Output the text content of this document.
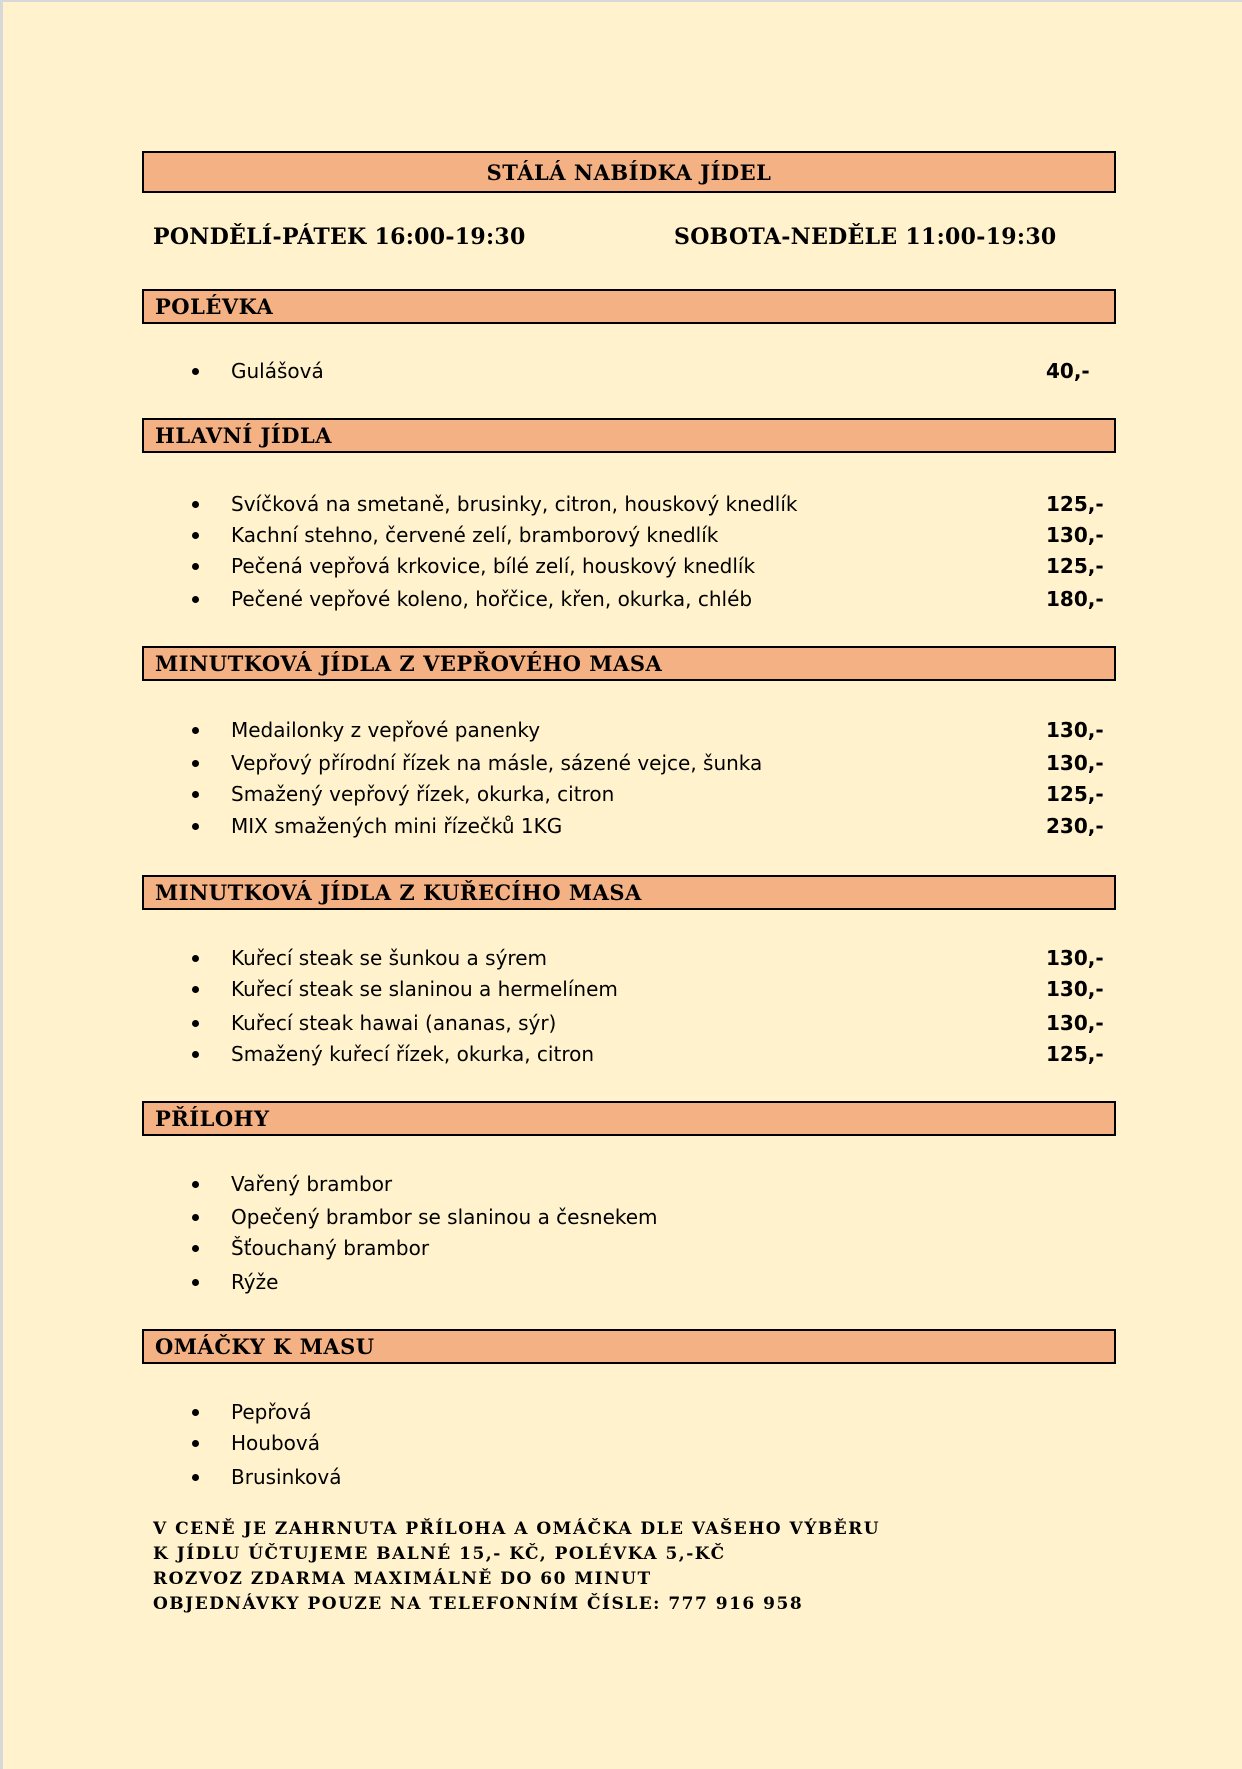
STÁLÁ NABÍDKA JÍDEL
PONDĚLÍ-PÁTEK 16:00-19:30	SOBOTA-NEDĚLE 11:00-19:30
POLÉVKA
Gulášová	40,-
HLAVNÍ JÍDLA
Svíčková na smetaně, brusinky, citron, houskový knedlík	125,-
Kachní stehno, červené zelí, bramborový knedlík	130,-
Pečená vepřová krkovice, bílé zelí, houskový knedlík	125,-
Pečené vepřové koleno, hořčice, křen, okurka, chléb	180,-
MINUTKOVÁ JÍDLA Z VEPŘOVÉHO MASA
Medailonky z vepřové panenky	130,-
Vepřový přírodní řízek na másle, sázené vejce, šunka	130,-
Smažený vepřový řízek, okurka, citron	125,-
MIX smažených mini řízečků 1KG	230,-
MINUTKOVÁ JÍDLA Z KUŘECÍHO MASA
Kuřecí steak se šunkou a sýrem	130,-
Kuřecí steak se slaninou a hermelínem	130,-
Kuřecí steak hawai (ananas, sýr)	130,-
Smažený kuřecí řízek, okurka, citron	125,-
PŘÍLOHY
Vařený brambor
Opečený brambor se slaninou a česnekem
Šťouchaný brambor
Rýže
OMÁČKY K MASU
Pepřová
Houbová
Brusinková
V CENĚ JE ZAHRNUTA PŘÍLOHA A OMÁČKA DLE VAŠEHO VÝBĚRU
K JÍDLU ÚČTUJEME BALNÉ 15,- KČ, POLÉVKA 5,-KČ
ROZVOZ ZDARMA MAXIMÁLNĚ DO 60 MINUT
OBJEDNÁVKY POUZE NA TELEFONNÍM ČÍSLE: 777 916 958
